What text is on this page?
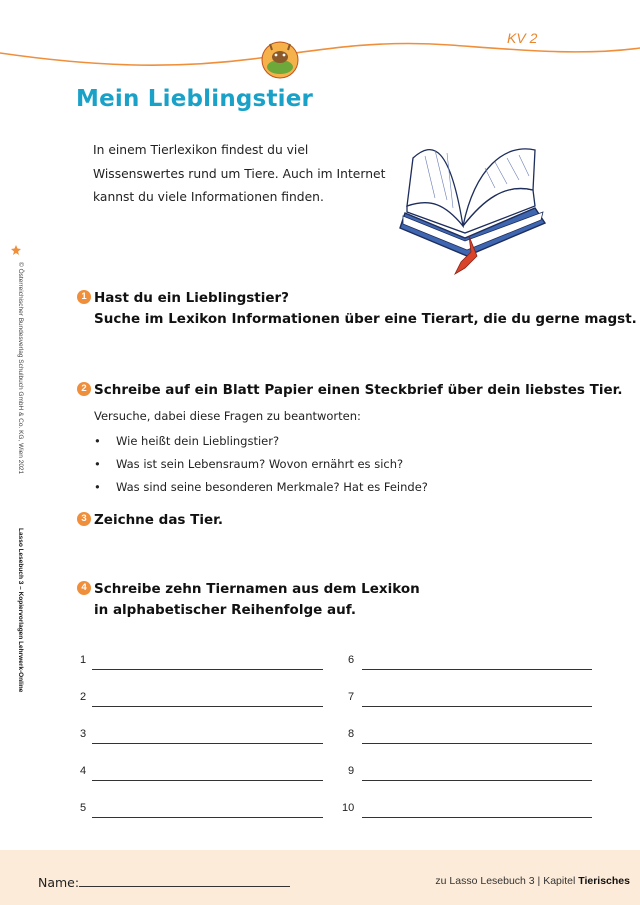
KV 2
Mein Lieblingstier

In einem Tierlexikon findest du viel Wissenswertes rund um Tiere. Auch im Internet kannst du viele Informationen finden.

© Österreichischer Bundesverlag Schulbuch GmbH & Co. KG, Wien 2021
Lasso Lesebuch 3 – Kopiervorlagen Lehrwerk-Online
1 Hast du ein Lieblingstier?
Suche im Lexikon Informationen über eine Tierart, die du gerne magst.
2 Schreibe auf ein Blatt Papier einen Steckbrief über dein liebstes Tier.
Versuche, dabei diese Fragen zu beantworten:
• Wie heißt dein Lieblingstier?
• Was ist sein Lebensraum? Wovon ernährt es sich?
• Was sind seine besonderen Merkmale? Hat es Feinde?
3 Zeichne das Tier.
4 Schreibe zehn Tiernamen aus dem Lexikon
in alphabetischer Reihenfolge auf.
1
2
3
4
5
6
7
8
9
10
Name:	zu Lasso Lesebuch 3 | Kapitel Tierisches
